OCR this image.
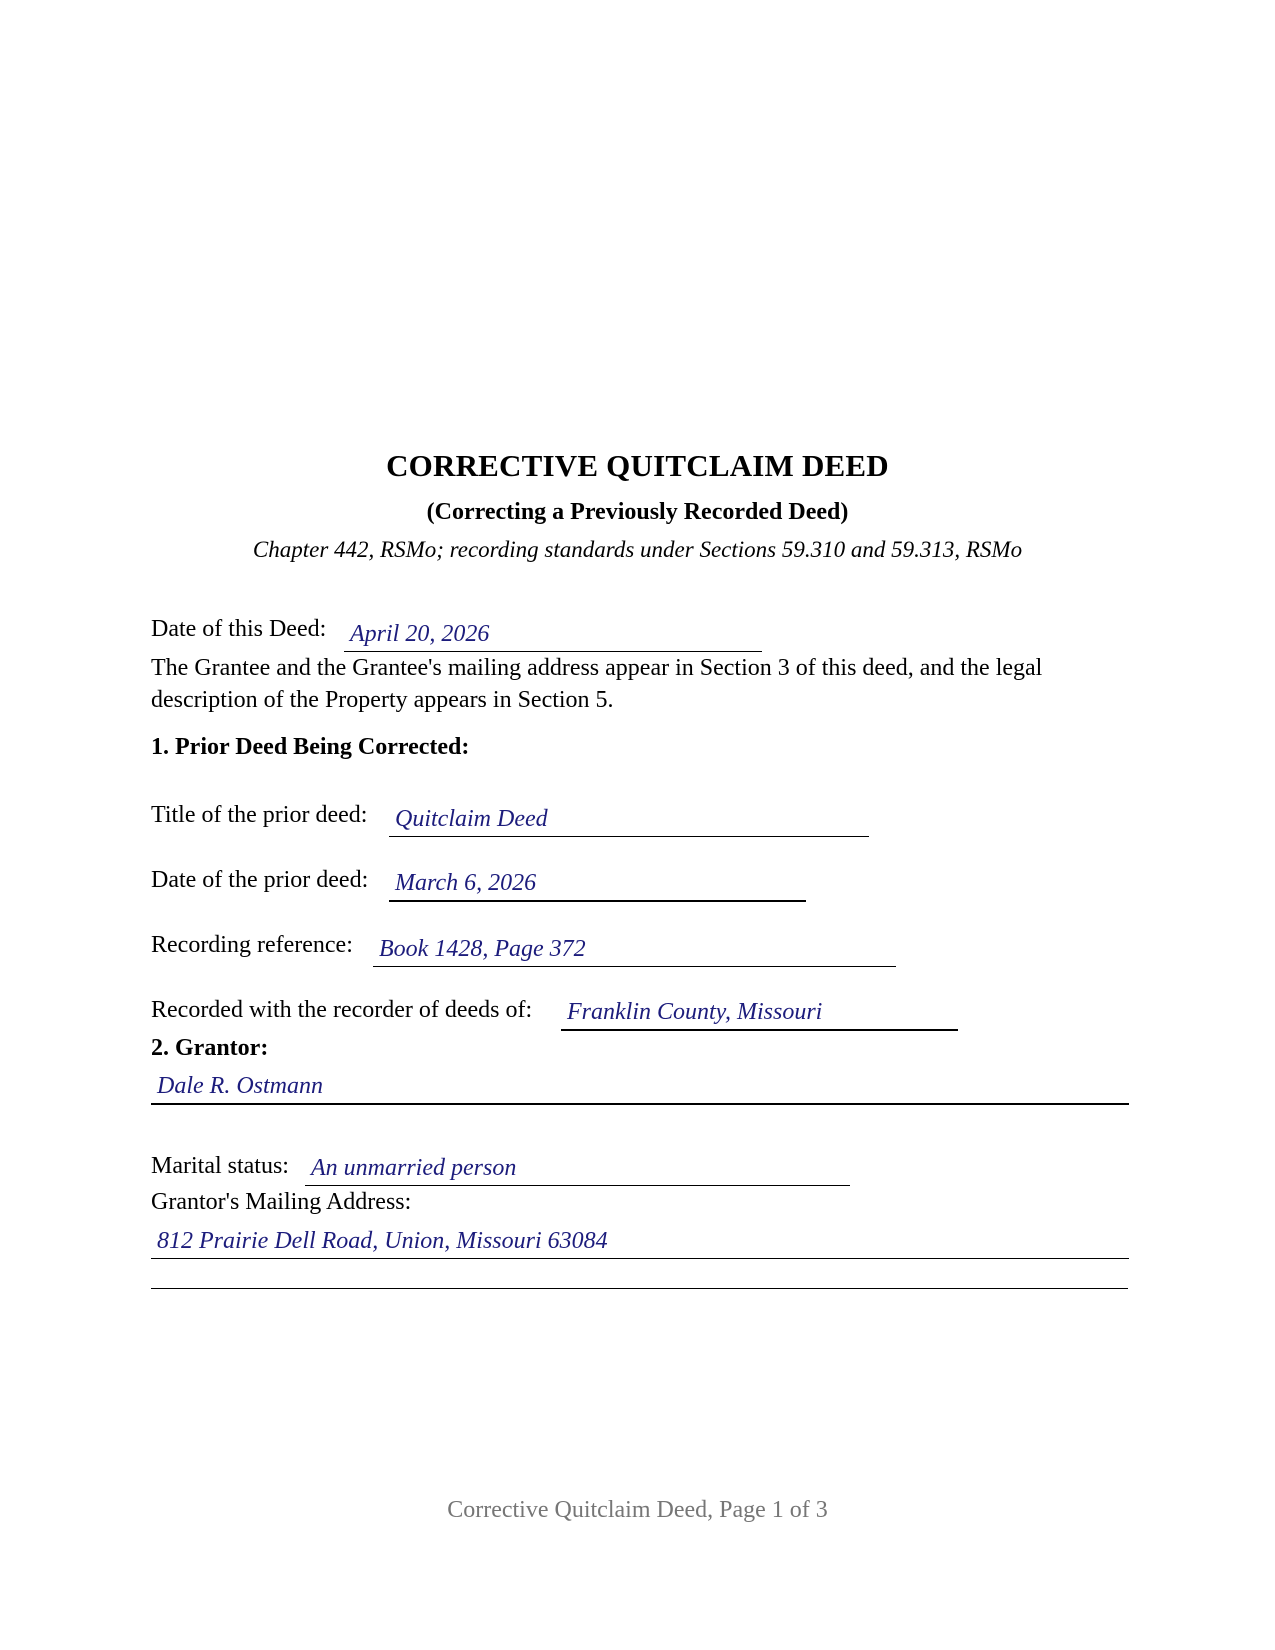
CORRECTIVE QUITCLAIM DEED
(Correcting a Previously Recorded Deed)
Chapter 442, RSMo; recording standards under Sections 59.310 and 59.313, RSMo
Date of this Deed: April 20, 2026
The Grantee and the Grantee's mailing address appear in Section 3 of this deed, and the legal description of the Property appears in Section 5.
1. Prior Deed Being Corrected:
Title of the prior deed: Quitclaim Deed
Date of the prior deed: March 6, 2026
Recording reference: Book 1428, Page 372
Recorded with the recorder of deeds of: Franklin County, Missouri
2. Grantor:
Dale R. Ostmann
Marital status: An unmarried person
Grantor's Mailing Address:
812 Prairie Dell Road, Union, Missouri 63084
Corrective Quitclaim Deed, Page 1 of 3
